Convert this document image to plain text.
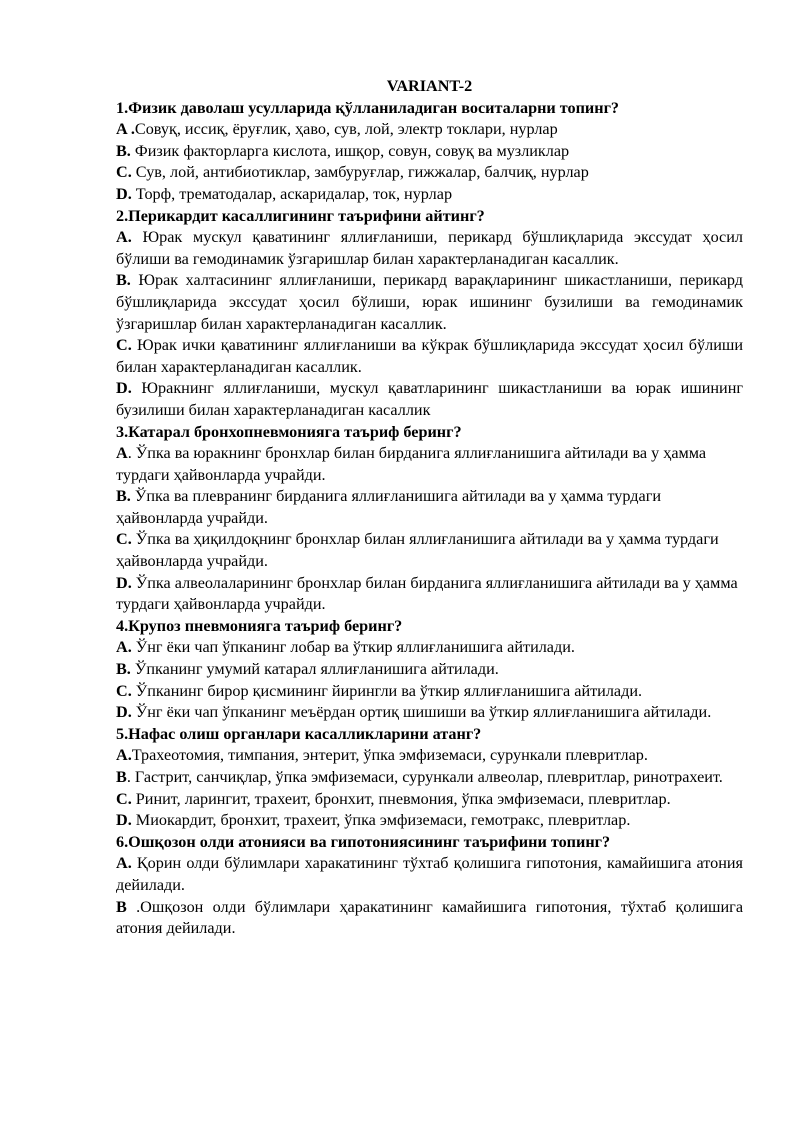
VARIANT-2

1.Физик даволаш усулларида қўлланиладиган воситаларни топинг?

A .Совуқ, иссиқ, ёруғлик, ҳаво, сув, лой, электр токлари, нурлар

B. Физик факторларга кислота, ишқор, совун, совуқ ва музликлар

C. Сув, лой, антибиотиклар, замбуруғлар, гижжалар, балчиқ, нурлар

D. Торф, трематодалар, аскаридалар, ток, нурлар

2.Перикардит касаллигининг таърифини айтинг?

A. Юрак мускул қаватининг яллиғланиши, перикард бўшлиқларида экссудат ҳосил бўлиши ва гемодинамик ўзгаришлар билан характерланадиган касаллик.

B. Юрак халтасининг яллиғланиши, перикард варақларининг шикастланиши, перикард бўшлиқларида экссудат ҳосил бўлиши, юрак ишининг бузилиши ва гемодинамик ўзгаришлар билан характерланадиган касаллик.

C. Юрак ички қаватининг яллиғланиши ва кўкрак бўшлиқларида экссудат ҳосил бўлиши билан характерланадиган касаллик.

D. Юракнинг яллиғланиши, мускул қаватларининг шикастланиши ва юрак ишининг бузилиши билан характерланадиган касаллик

3.Катарал бронхопневмонияга таъриф беринг?

A. Ўпка ва юракнинг бронхлар билан бирданига яллиғланишига айтилади ва у ҳамма турдаги ҳайвонларда учрайди.

B. Ўпка ва плевранинг бирданига яллиғланишига айтилади ва у ҳамма турдаги ҳайвонларда учрайди.

C. Ўпка ва ҳиқилдоқнинг бронхлар билан яллиғланишига айтилади ва у ҳамма турдаги ҳайвонларда учрайди.

D. Ўпка алвеолаларининг бронхлар билан бирданига яллиғланишига айтилади ва у ҳамма турдаги ҳайвонларда учрайди.

4.Крупоз пневмонияга таъриф беринг?

A. Ўнг ёки чап ўпканинг лобар ва ўткир яллиғланишига айтилади.

B. Ўпканинг умумий катарал яллиғланишига айтилади.

C. Ўпканинг бирор қисмининг йирингли ва ўткир яллиғланишига айтилади.

D. Ўнг ёки чап ўпканинг меъёрдан ортиқ шишиши ва ўткир яллиғланишига айтилади.

5.Нафас олиш органлари касалликларини атанг?

A.Трахеотомия, тимпания, энтерит, ўпка эмфиземаси, сурункали плевритлар.

B. Гастрит, санчиқлар, ўпка эмфиземаси, сурункали алвеолар, плевритлар, ринотрахеит.

C. Ринит, ларингит, трахеит, бронхит, пневмония, ўпка эмфиземаси, плевритлар.

D. Миокардит, бронхит, трахеит, ўпка эмфиземаси, гемотракс, плевритлар.

6.Ошқозон олди атонияси ва гипотониясининг таърифини топинг?

A. Қорин олди бўлимлари харакатининг тўхтаб қолишига гипотония, камайишига атония дейилади.

B .Ошқозон олди бўлимлари ҳаракатининг камайишига гипотония, тўхтаб қолишига атония дейилади.
